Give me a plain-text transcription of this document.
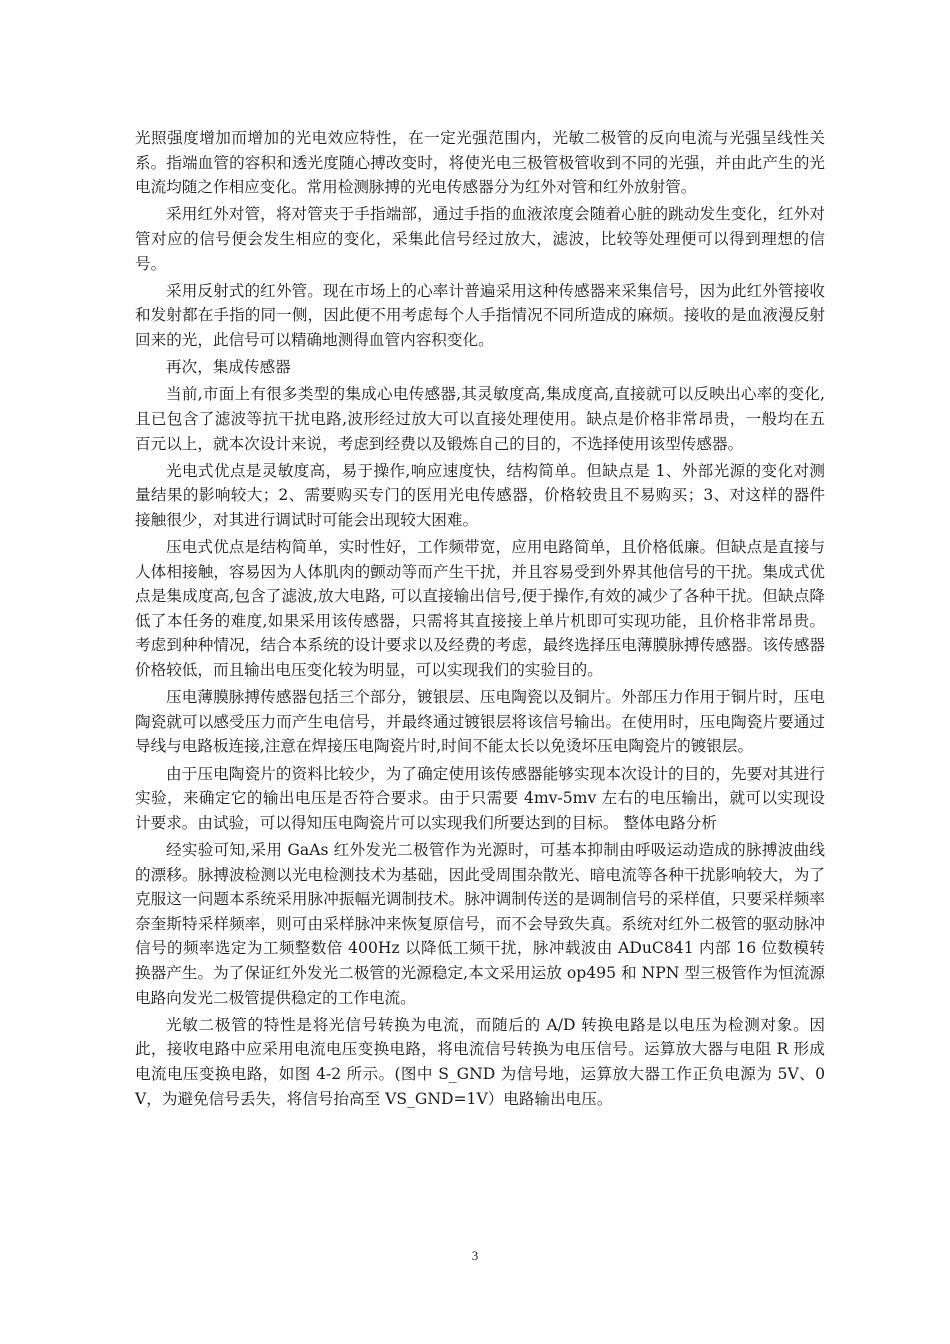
光照强度增加而增加的光电效应特性，在一定光强范围内，光敏二极管的反向电流与光强呈线性关系。指端血管的容积和透光度随心搏改变时，将使光电三极管极管收到不同的光强，并由此产生的光电流均随之作相应变化。常用检测脉搏的光电传感器分为红外对管和红外放射管。

采用红外对管，将对管夹于手指端部，通过手指的血液浓度会随着心脏的跳动发生变化，红外对管对应的信号便会发生相应的变化，采集此信号经过放大，滤波，比较等处理便可以得到理想的信号。

采用反射式的红外管。现在市场上的心率计普遍采用这种传感器来采集信号，因为此红外管接收和发射都在手指的同一侧，因此便不用考虑每个人手指情况不同所造成的麻烦。接收的是血液漫反射回来的光，此信号可以精确地测得血管内容积变化。

再次，集成传感器

当前,市面上有很多类型的集成心电传感器,其灵敏度高,集成度高,直接就可以反映出心率的变化,且已包含了滤波等抗干扰电路,波形经过放大可以直接处理使用。缺点是价格非常昂贵，一般均在五百元以上，就本次设计来说，考虑到经费以及锻炼自己的目的，不选择使用该型传感器。

光电式优点是灵敏度高，易于操作,响应速度快，结构简单。但缺点是 1、外部光源的变化对测量结果的影响较大；2、需要购买专门的医用光电传感器，价格较贵且不易购买；3、对这样的器件接触很少，对其进行调试时可能会出现较大困难。

压电式优点是结构简单，实时性好，工作频带宽，应用电路简单，且价格低廉。但缺点是直接与人体相接触，容易因为人体肌肉的颤动等而产生干扰，并且容易受到外界其他信号的干扰。集成式优点是集成度高,包含了滤波,放大电路, 可以直接输出信号,便于操作,有效的减少了各种干扰。但缺点降低了本任务的难度,如果采用该传感器，只需将其直接接上单片机即可实现功能，且价格非常昂贵。考虑到种种情况，结合本系统的设计要求以及经费的考虑，最终选择压电薄膜脉搏传感器。该传感器价格较低，而且输出电压变化较为明显，可以实现我们的实验目的。

压电薄膜脉搏传感器包括三个部分，镀银层、压电陶瓷以及铜片。外部压力作用于铜片时，压电陶瓷就可以感受压力而产生电信号，并最终通过镀银层将该信号输出。在使用时，压电陶瓷片要通过导线与电路板连接,注意在焊接压电陶瓷片时,时间不能太长以免烫坏压电陶瓷片的镀银层。

由于压电陶瓷片的资料比较少，为了确定使用该传感器能够实现本次设计的目的，先要对其进行实验，来确定它的输出电压是否符合要求。由于只需要 4mv-5mv 左右的电压输出，就可以实现设计要求。由试验，可以得知压电陶瓷片可以实现我们所要达到的目标。 整体电路分析

经实验可知,采用 GaAs 红外发光二极管作为光源时，可基本抑制由呼吸运动造成的脉搏波曲线的漂移。脉搏波检测以光电检测技术为基础，因此受周围杂散光、暗电流等各种干扰影响较大，为了克服这一问题本系统采用脉冲振幅光调制技术。脉冲调制传送的是调制信号的采样值，只要采样频率奈奎斯特采样频率，则可由采样脉冲来恢复原信号，而不会导致失真。系统对红外二极管的驱动脉冲信号的频率选定为工频整数倍 400Hz 以降低工频干扰，脉冲载波由 ADuC841 内部 16 位数模转换器产生。为了保证红外发光二极管的光源稳定,本文采用运放 op495 和 NPN 型三极管作为恒流源电路向发光二极管提供稳定的工作电流。

光敏二极管的特性是将光信号转换为电流，而随后的 A/D 转换电路是以电压为检测对象。因此，接收电路中应采用电流电压变换电路，将电流信号转换为电压信号。运算放大器与电阻 R 形成电流电压变换电路，如图 4-2 所示。(图中 S_GND 为信号地，运算放大器工作正负电源为 5V、0V，为避免信号丢失，将信号抬高至 VS_GND=1V）电路输出电压。

3
